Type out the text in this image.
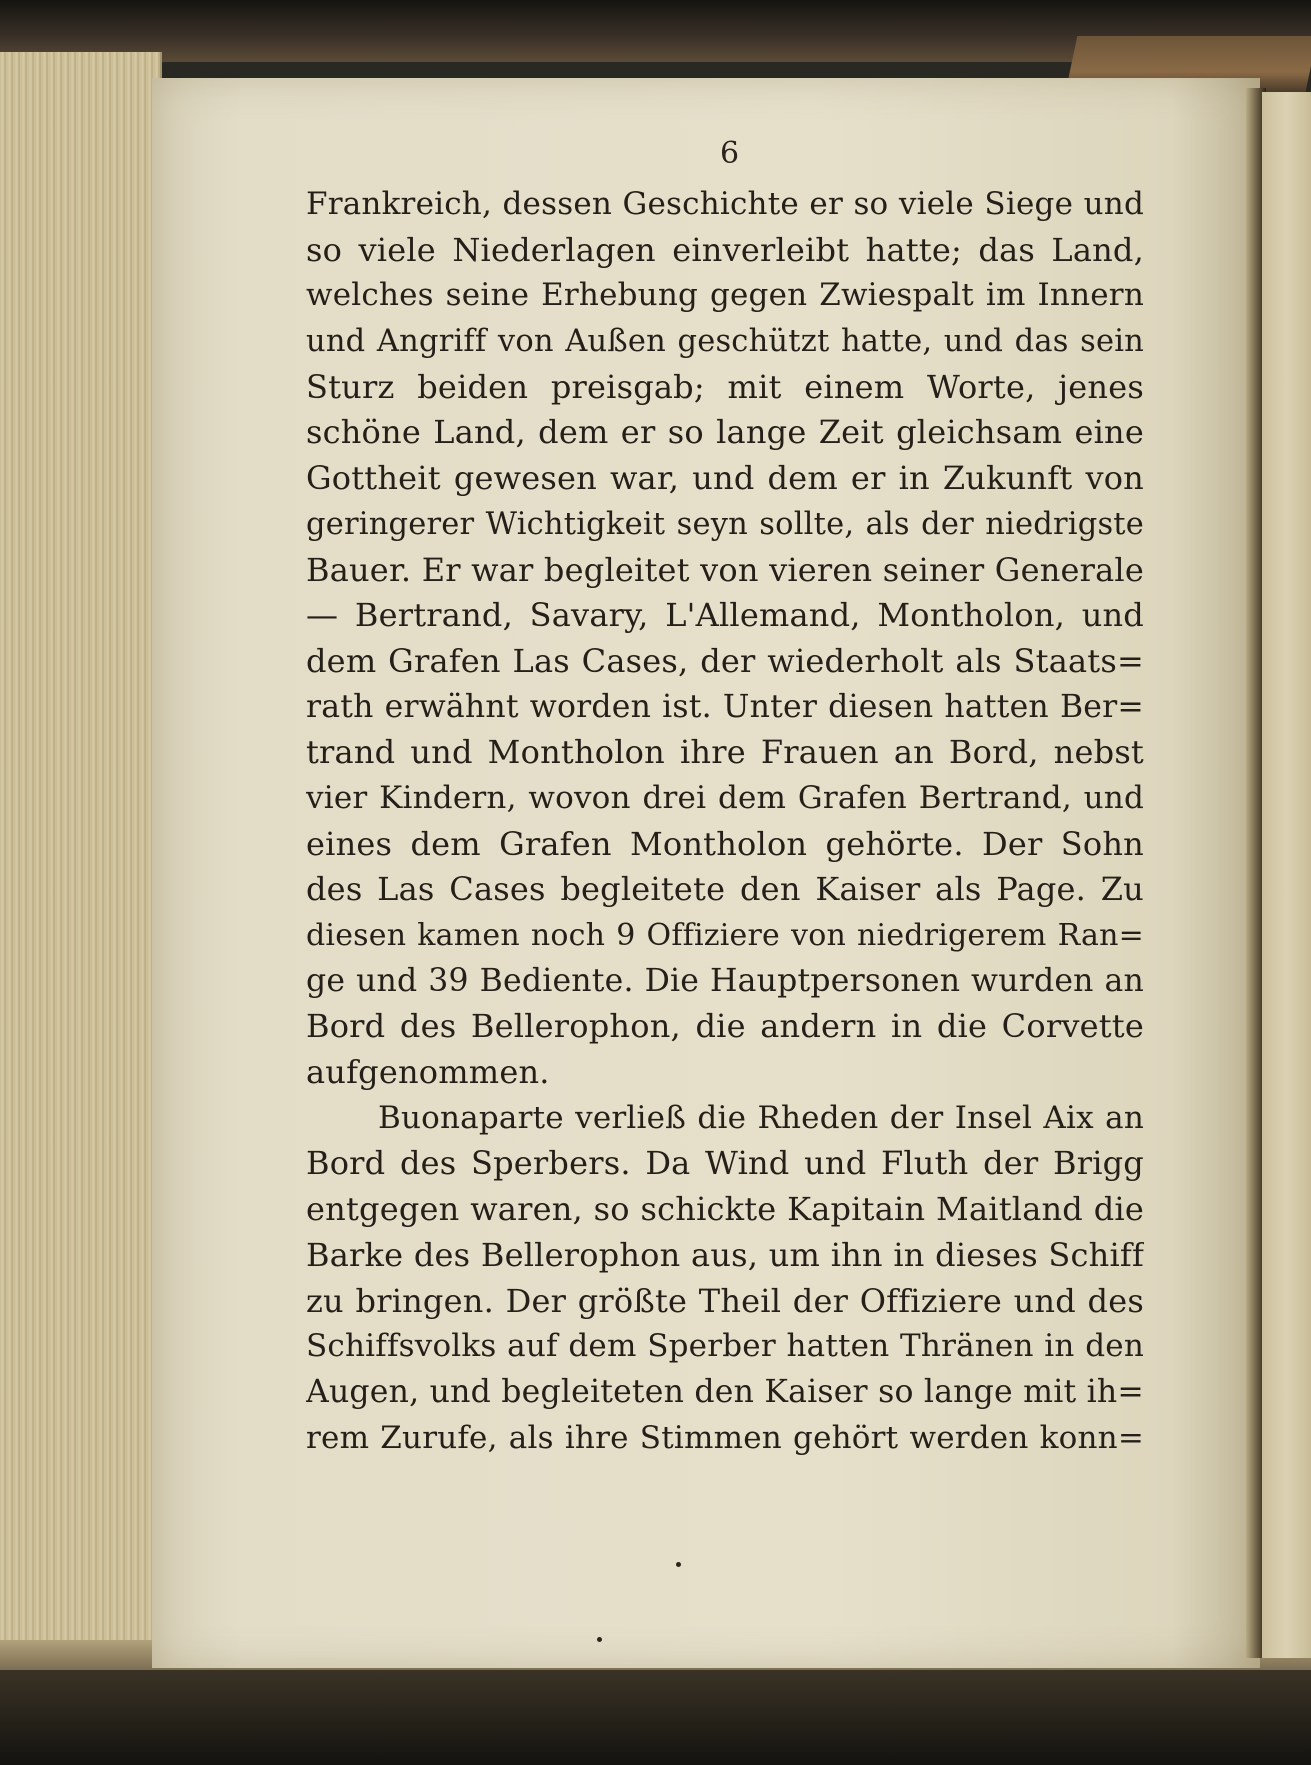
6

Frankreich, dessen Geschichte er so viele Siege und
so viele Niederlagen einverleibt hatte; das Land,
welches seine Erhebung gegen Zwiespalt im Innern
und Angriff von Außen geschützt hatte, und das sein
Sturz beiden preisgab; mit einem Worte, jenes
schöne Land, dem er so lange Zeit gleichsam eine
Gottheit gewesen war, und dem er in Zukunft von
geringerer Wichtigkeit seyn sollte, als der niedrigste
Bauer. Er war begleitet von vieren seiner Generale
— Bertrand, Savary, L'Allemand, Montholon, und
dem Grafen Las Cases, der wiederholt als Staats=
rath erwähnt worden ist. Unter diesen hatten Ber=
trand und Montholon ihre Frauen an Bord, nebst
vier Kindern, wovon drei dem Grafen Bertrand, und
eines dem Grafen Montholon gehörte. Der Sohn
des Las Cases begleitete den Kaiser als Page. Zu
diesen kamen noch 9 Offiziere von niedrigerem Ran=
ge und 39 Bediente. Die Hauptpersonen wurden an
Bord des Bellerophon, die andern in die Corvette
aufgenommen.
Buonaparte verließ die Rheden der Insel Aix an
Bord des Sperbers. Da Wind und Fluth der Brigg
entgegen waren, so schickte Kapitain Maitland die
Barke des Bellerophon aus, um ihn in dieses Schiff
zu bringen. Der größte Theil der Offiziere und des
Schiffsvolks auf dem Sperber hatten Thränen in den
Augen, und begleiteten den Kaiser so lange mit ih=
rem Zurufe, als ihre Stimmen gehört werden konn=
